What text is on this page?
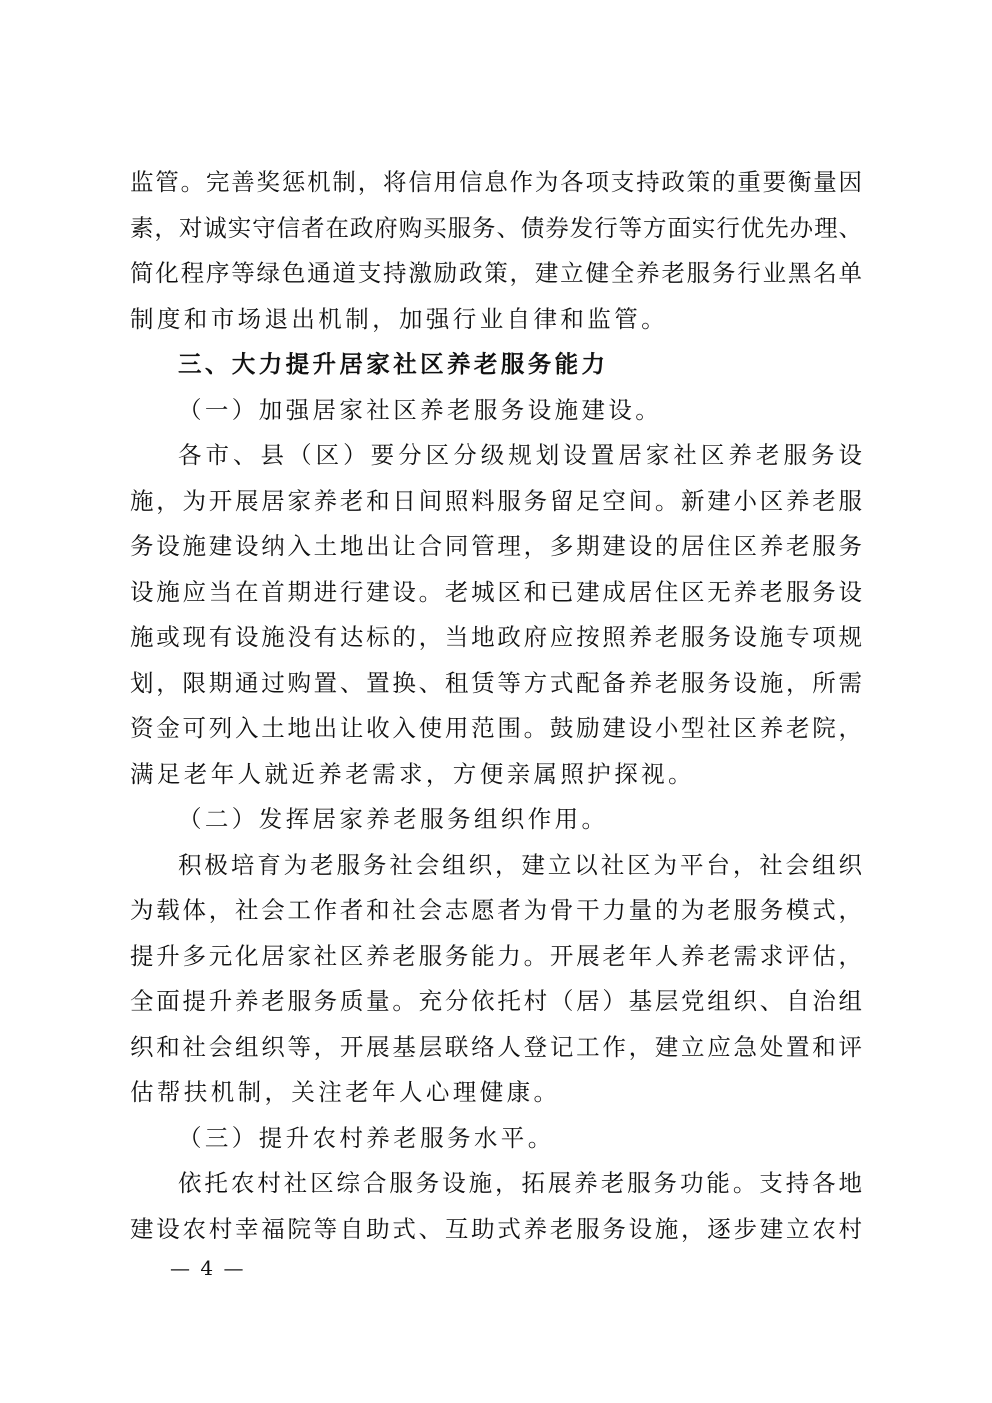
监管。完善奖惩机制，将信用信息作为各项支持政策的重要衡量因
素，对诚实守信者在政府购买服务、债券发行等方面实行优先办理、
简化程序等绿色通道支持激励政策，建立健全养老服务行业黑名单
制度和市场退出机制，加强行业自律和监管。
三、大力提升居家社区养老服务能力
（一）加强居家社区养老服务设施建设。
各市、县（区）要分区分级规划设置居家社区养老服务设
施，为开展居家养老和日间照料服务留足空间。新建小区养老服
务设施建设纳入土地出让合同管理，多期建设的居住区养老服务
设施应当在首期进行建设。老城区和已建成居住区无养老服务设
施或现有设施没有达标的，当地政府应按照养老服务设施专项规
划，限期通过购置、置换、租赁等方式配备养老服务设施，所需
资金可列入土地出让收入使用范围。鼓励建设小型社区养老院，
满足老年人就近养老需求，方便亲属照护探视。
（二）发挥居家养老服务组织作用。
积极培育为老服务社会组织，建立以社区为平台，社会组织
为载体，社会工作者和社会志愿者为骨干力量的为老服务模式，
提升多元化居家社区养老服务能力。开展老年人养老需求评估，
全面提升养老服务质量。充分依托村（居）基层党组织、自治组
织和社会组织等，开展基层联络人登记工作，建立应急处置和评
估帮扶机制，关注老年人心理健康。
（三）提升农村养老服务水平。
依托农村社区综合服务设施，拓展养老服务功能。支持各地
建设农村幸福院等自助式、互助式养老服务设施，逐步建立农村
— 4 —
